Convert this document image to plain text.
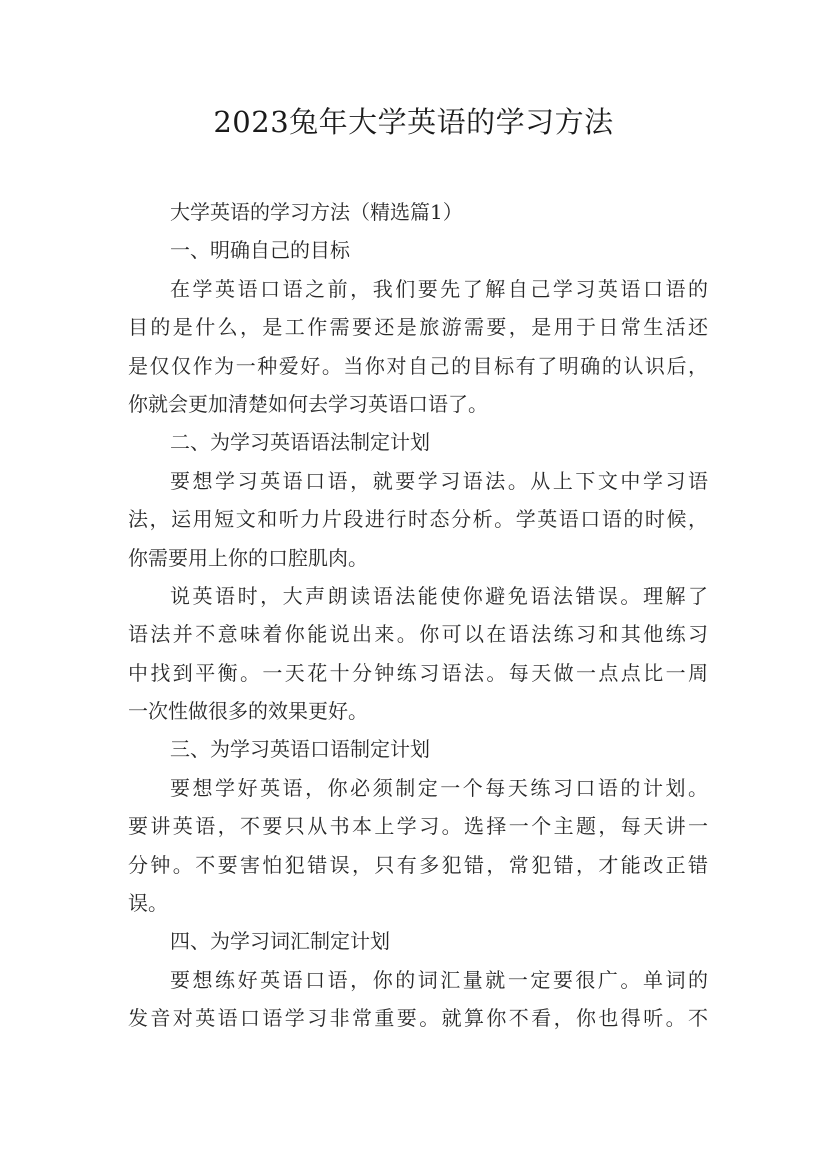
2023兔年大学英语的学习方法
大学英语的学习方法（精选篇1）
一、明确自己的目标
在学英语口语之前，我们要先了解自己学习英语口语的
目的是什么，是工作需要还是旅游需要，是用于日常生活还
是仅仅作为一种爱好。当你对自己的目标有了明确的认识后，
你就会更加清楚如何去学习英语口语了。
二、为学习英语语法制定计划
要想学习英语口语，就要学习语法。从上下文中学习语
法，运用短文和听力片段进行时态分析。学英语口语的时候，
你需要用上你的口腔肌肉。
说英语时，大声朗读语法能使你避免语法错误。理解了
语法并不意味着你能说出来。你可以在语法练习和其他练习
中找到平衡。一天花十分钟练习语法。每天做一点点比一周
一次性做很多的效果更好。
三、为学习英语口语制定计划
要想学好英语，你必须制定一个每天练习口语的计划。
要讲英语，不要只从书本上学习。选择一个主题，每天讲一
分钟。不要害怕犯错误，只有多犯错，常犯错，才能改正错
误。
四、为学习词汇制定计划
要想练好英语口语，你的词汇量就一定要很广。单词的
发音对英语口语学习非常重要。就算你不看，你也得听。不
